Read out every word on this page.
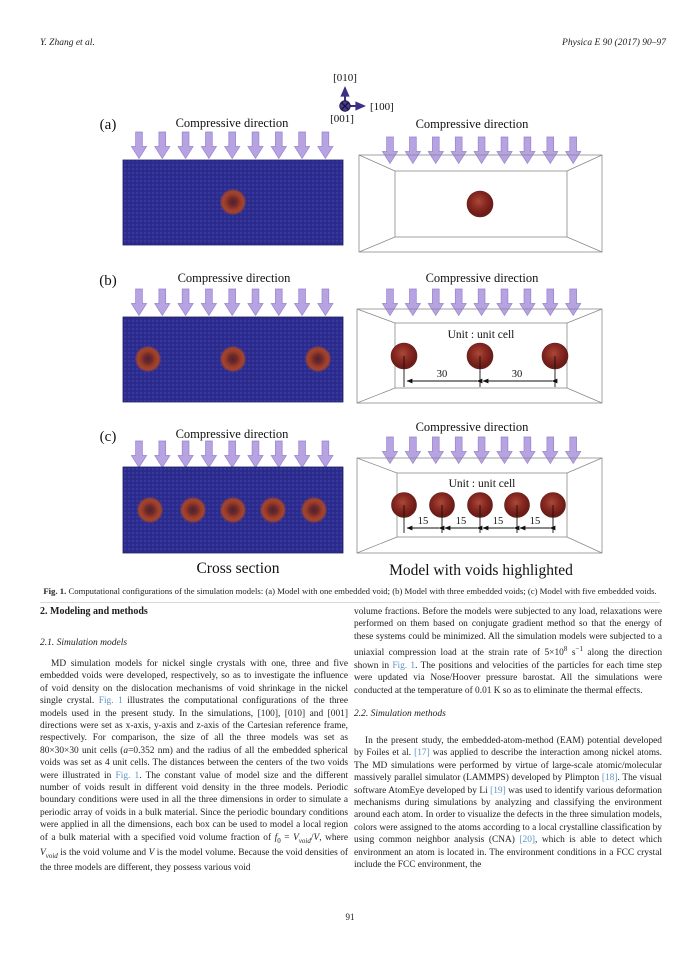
Y. Zhang et al.	Physica E 90 (2017) 90–97
[010]
[100]
[001]
(a)	Compressive direction	Compressive direction
(b)	Compressive direction	Compressive direction
Unit : unit cell
30	30
(c)	Compressive direction	Compressive direction
Unit : unit cell
15	15	15	15
Cross section	Model with voids highlighted
Fig. 1. Computational configurations of the simulation models: (a) Model with one embedded void; (b) Model with three embedded voids; (c) Model with five embedded voids.
2. Modeling and methods
2.1. Simulation models

MD simulation models for nickel single crystals with one, three and five embedded voids were developed, respectively, so as to investigate the influence of void density on the dislocation mechanisms of void shrinkage in the nickel single crystal. Fig. 1 illustrates the computational configurations of the three models used in the present study. In the simulations, [100], [010] and [001] directions were set as x-axis, y-axis and z-axis of the Cartesian reference frame, respectively. For comparison, the size of all the three models was set as 80×30×30 unit cells (a=0.352 nm) and the radius of all the embedded spherical voids was set as 4 unit cells. The distances between the centers of the two voids were illustrated in Fig. 1. The constant value of model size and the different number of voids result in different void density in the three models. Periodic boundary conditions were used in all the three dimensions in order to simulate a periodic array of voids in a bulk material. Since the periodic boundary conditions were applied in all the dimensions, each box can be used to model a local region of a bulk material with a specified void volume fraction of $f_0 = V_{void}/V$, where $V_{void}$ is the void volume and V is the model volume. Because the void densities of the three models are different, they possess various void

volume fractions. Before the models were subjected to any load, relaxations were performed on them based on conjugate gradient method so that the energy of these systems could be minimized. All the simulation models were subjected to a uniaxial compression load at the strain rate of $5\times 10^8$ $s^{-1}$ along the direction shown in Fig. 1. The positions and velocities of the particles for each time step were updated via Nose/Hoover pressure barostat. All the simulations were conducted at the temperature of 0.01 K so as to eliminate the thermal effects.

2.2. Simulation methods

In the present study, the embedded-atom-method (EAM) potential developed by Foiles et al. [17] was applied to describe the interaction among nickel atoms. The MD simulations were performed by virtue of large-scale atomic/molecular massively parallel simulator (LAMMPS) developed by Plimpton [18]. The visual software AtomEye developed by Li [19] was used to identify various deformation mechanisms during simulations by analyzing and classifying the environment around each atom. In order to visualize the defects in the three simulation models, colors were assigned to the atoms according to a local crystalline classification by using common neighbor analysis (CNA) [20], which is able to detect which environment an atom is located in. The environment conditions in a FCC crystal include the FCC environment, the

91
